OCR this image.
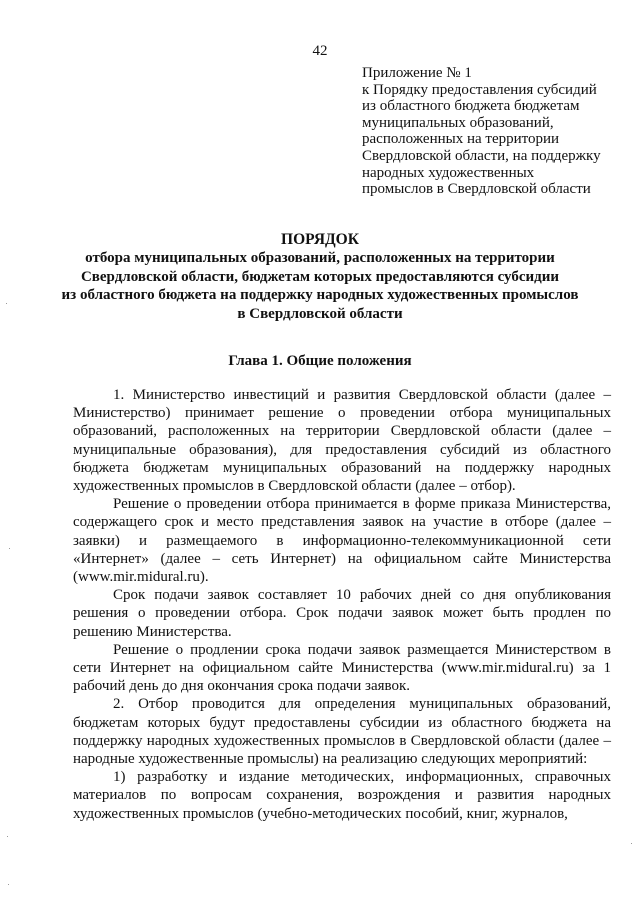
42
Приложение № 1
к Порядку предоставления субсидий
из областного бюджета бюджетам
муниципальных образований,
расположенных на территории
Свердловской области, на поддержку
народных художественных
промыслов в Свердловской области
ПОРЯДОК
отбора муниципальных образований, расположенных на территории
Свердловской области, бюджетам которых предоставляются субсидии
из областного бюджета на поддержку народных художественных промыслов
в Свердловской области
Глава 1. Общие положения

1. Министерство инвестиций и развития Свердловской области (далее – Министерство) принимает решение о проведении отбора муниципальных образований, расположенных на территории Свердловской области (далее – муниципальные образования), для предоставления субсидий из областного бюджета бюджетам муниципальных образований на поддержку народных художественных промыслов в Свердловской области (далее – отбор).

Решение о проведении отбора принимается в форме приказа Министерства, содержащего срок и место представления заявок на участие в отборе (далее – заявки) и размещаемого в информационно-телекоммуникационной сети «Интернет» (далее – сеть Интернет) на официальном сайте Министерства (www.mir.midural.ru).

Срок подачи заявок составляет 10 рабочих дней со дня опубликования решения о проведении отбора. Срок подачи заявок может быть продлен по решению Министерства.

Решение о продлении срока подачи заявок размещается Министерством в сети Интернет на официальном сайте Министерства (www.mir.midural.ru) за 1 рабочий день до дня окончания срока подачи заявок.

2. Отбор проводится для определения муниципальных образований, бюджетам которых будут предоставлены субсидии из областного бюджета на поддержку народных художественных промыслов в Свердловской области (далее – народные художественные промыслы) на реализацию следующих мероприятий:

1) разработку и издание методических, информационных, справочных материалов по вопросам сохранения, возрождения и развития народных художественных промыслов (учебно-методических пособий, книг, журналов,
